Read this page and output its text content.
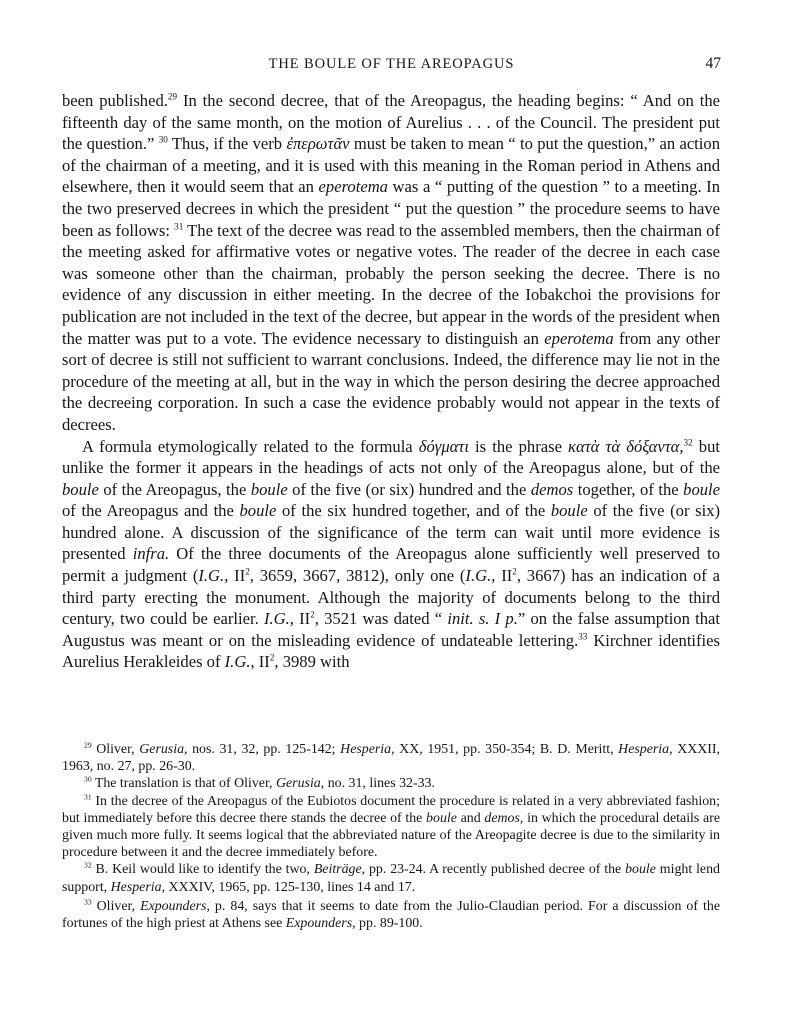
THE BOULE OF THE AREOPAGUS	47

been published.$^{29}$ In the second decree, that of the Areopagus, the heading begins: “ And on the fifteenth day of the same month, on the motion of Aurelius . . . of the Council. The president put the question.” $^{30}$ Thus, if the verb ἐπερωτᾶν must be taken to mean “ to put the question,” an action of the chairman of a meeting, and it is used with this meaning in the Roman period in Athens and elsewhere, then it would seem that an eperotema was a “ putting of the question ” to a meeting. In the two preserved decrees in which the president “ put the question ” the procedure seems to have been as follows: $^{31}$ The text of the decree was read to the assembled members, then the chairman of the meeting asked for affirmative votes or negative votes. The reader of the decree in each case was someone other than the chairman, probably the person seeking the decree. There is no evidence of any discussion in either meeting. In the decree of the Iobakchoi the provisions for publication are not included in the text of the decree, but appear in the words of the president when the matter was put to a vote. The evidence necessary to distinguish an eperotema from any other sort of decree is still not sufficient to warrant conclusions. Indeed, the difference may lie not in the procedure of the meeting at all, but in the way in which the person desiring the decree approached the decreeing corporation. In such a case the evidence probably would not appear in the texts of decrees.

A formula etymologically related to the formula δόγματι is the phrase κατὰ τὰ δόξαντα,$^{32}$ but unlike the former it appears in the headings of acts not only of the Areopagus alone, but of the boule of the Areopagus, the boule of the five (or six) hundred and the demos together, of the boule of the Areopagus and the boule of the six hundred together, and of the boule of the five (or six) hundred alone. A discussion of the significance of the term can wait until more evidence is presented infra. Of the three documents of the Areopagus alone sufficiently well preserved to permit a judgment (I.G., $II^2$, 3659, 3667, 3812), only one (I.G., $II^2$, 3667) has an indication of a third party erecting the monument. Although the majority of documents belong to the third century, two could be earlier. I.G., $II^2$, 3521 was dated “ init. s. I p.” on the false assumption that Augustus was meant or on the misleading evidence of undateable lettering.$^{33}$ Kirchner identifies Aurelius Herakleides of I.G., $II^2$, 3989 with

$^{29}$ Oliver, Gerusia, nos. 31, 32, pp. 125-142; Hesperia, XX, 1951, pp. 350-354; B. D. Meritt, Hesperia, XXXII, 1963, no. 27, pp. 26-30.

$^{30}$ The translation is that of Oliver, Gerusia, no. 31, lines 32-33.

$^{31}$ In the decree of the Areopagus of the Eubiotos document the procedure is related in a very abbreviated fashion; but immediately before this decree there stands the decree of the boule and demos, in which the procedural details are given much more fully. It seems logical that the abbreviated nature of the Areopagite decree is due to the similarity in procedure between it and the decree immediately before.

$^{32}$ B. Keil would like to identify the two, Beiträge, pp. 23-24. A recently published decree of the boule might lend support, Hesperia, XXXIV, 1965, pp. 125-130, lines 14 and 17.

$^{33}$ Oliver, Expounders, p. 84, says that it seems to date from the Julio-Claudian period. For a discussion of the fortunes of the high priest at Athens see Expounders, pp. 89-100.
